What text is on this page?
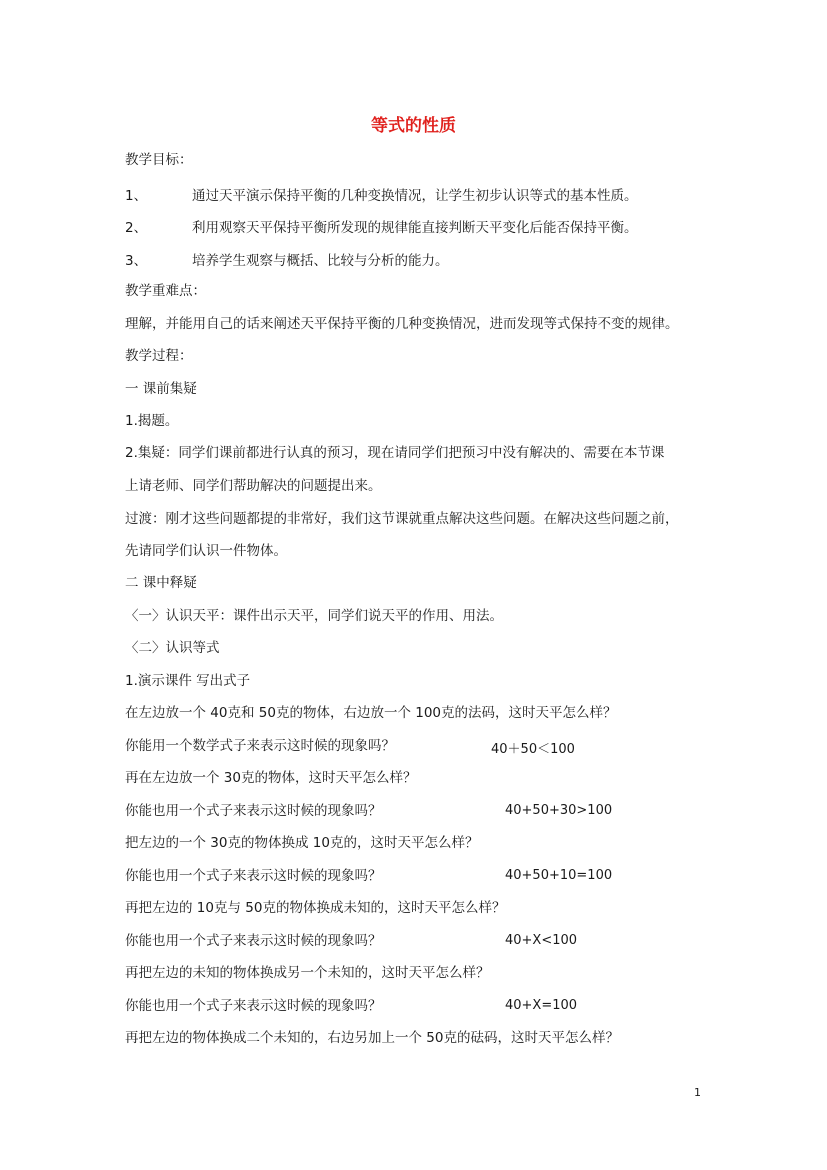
等式的性质
教学目标：
1、	通过天平演示保持平衡的几种变换情况，让学生初步认识等式的基本性质。
2、	利用观察天平保持平衡所发现的规律能直接判断天平变化后能否保持平衡。
3、	培养学生观察与概括、比较与分析的能力。
教学重难点：
理解，并能用自己的话来阐述天平保持平衡的几种变换情况，进而发现等式保持不变的规律。
教学过程：
一 课前集疑
1.揭题。
2.集疑：同学们课前都进行认真的预习，现在请同学们把预习中没有解决的、需要在本节课
上请老师、同学们帮助解决的问题提出来。
过渡：刚才这些问题都提的非常好，我们这节课就重点解决这些问题。在解决这些问题之前，
先请同学们认识一件物体。
二 课中释疑
〈一〉认识天平：课件出示天平，同学们说天平的作用、用法。
〈二〉认识等式
1.演示课件 写出式子
在左边放一个 40克和 50克的物体，右边放一个 100克的法码，这时天平怎么样？
你能用一个数学式子来表示这时候的现象吗？	40＋50＜100
再在左边放一个 30克的物体，这时天平怎么样？
你能也用一个式子来表示这时候的现象吗？	40+50+30>100
把左边的一个 30克的物体换成 10克的，这时天平怎么样？
你能也用一个式子来表示这时候的现象吗？	40+50+10=100
再把左边的 10克与 50克的物体换成未知的，这时天平怎么样？
你能也用一个式子来表示这时候的现象吗？	40+X<100
再把左边的未知的物体换成另一个未知的，这时天平怎么样？
你能也用一个式子来表示这时候的现象吗？	40+X=100
再把左边的物体换成二个未知的，右边另加上一个 50克的砝码，这时天平怎么样？
1
